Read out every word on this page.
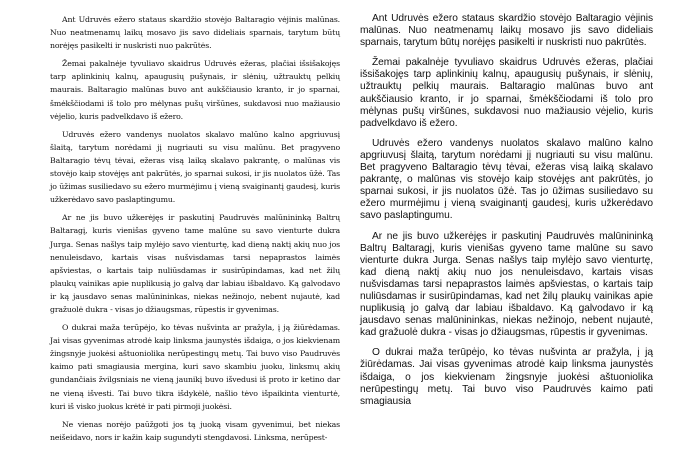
Ant Udruvės ežero stataus skardžio stovėjo Baltaragio vėjinis malūnas. Nuo neatmenamų laikų mosavo jis savo dideliais sparnais, tarytum būtų norėjęs pasikelti ir nuskristi nuo pakrūtės.

Žemai pakalnėje tyvuliavo skaidrus Udruvės ežeras, plačiai išsišakojęs tarp aplinkinių kalnų, apaugusių pušynais, ir slėnių, užtrauktų pelkių maurais. Baltaragio malūnas buvo ant aukščiausio kranto, ir jo sparnai, šmėkščiodami iš tolo pro mėlynas pušų viršūnes, sukdavosi nuo mažiausio vėjelio, kuris padvelkdavo iš ežero.

Udruvės ežero vandenys nuolatos skalavo malūno kalno apgriuvusį šlaitą, tarytum norėdami jį nugriauti su visu malūnu. Bet pragyveno Baltaragio tėvų tėvai, ežeras visą laiką skalavo pakrantę, o malūnas vis stovėjo kaip stovėjęs ant pakrūtės, jo sparnai sukosi, ir jis nuolatos ūžė. Tas jo ūžimas susiliedavo su ežero murmėjimu į vieną svaiginantį gaudesį, kuris užkerėdavo savo paslaptingumu.

Ar ne jis buvo užkerėjęs ir paskutinį Paudruvės malūnininką Baltrų Baltaragį, kuris vienišas gyveno tame malūne su savo vienturte dukra Jurga. Senas našlys taip mylėjo savo vienturtę, kad dieną naktį akių nuo jos nenuleisdavo, kartais visas nušvisdamas tarsi nepaprastos laimės apšviestas, o kartais taip nuliūsdamas ir susirūpindamas, kad net žilų plaukų vainikas apie nuplikusią jo galvą dar labiau išbaldavo. Ką galvodavo ir ką jausdavo senas malūnininkas, niekas nežinojo, nebent nujautė, kad gražuolė dukra - visas jo džiaugsmas, rūpestis ir gyvenimas.

O dukrai maža terūpėjo, ko tėvas nušvinta ar pražyla, į ją žiūrėdamas. Jai visas gyvenimas atrodė kaip linksma jaunystės išdaiga, o jos kiekvienam žingsnyje juokėsi aštuoniolika nerūpestingų metų. Tai buvo viso Paudruvės kaimo pati smagiausia mergina, kuri savo skambiu juoku, linksmų akių gundančiais žvilgsniais ne vieną jaunikį buvo išvedusi iš proto ir ketino dar ne vieną išvesti. Tai buvo tikra išdykėlė, našlio tėvo išpaikinta vienturtė, kuri iš visko juokus krėtė ir pati pirmoji juokėsi.

Ne vienas norėjo paūžgoti jos tą juoką visam gyvenimui, bet niekas neišeidavo, nors ir kažin kaip sugundyti stengdavosi. Linksma, nerūpest-

Ant Udruvės ežero statаus skardžio stovėjo Baltaragio vėjinis malūnas. Nuo neatmenamų laikų mosavo jis savo dideliais sparnais, tarytum būtų norėjęs pasikelti ir nuskristi nuo pakrūtės.

Žemai pakalnėje tyvuliavo skaidrus Udruvės ežeras, plačiai išsišakojęs tarp aplinkinių kalnų, apaugusių pušynais, ir slėnių, užtrauktų pelkių maurais. Baltaragio malūnas buvo ant aukščiausio kranto, ir jo sparnai, šmėkščiodami iš tolo pro mėlynas pušų viršūnes, sukdavosi nuo mažiausio vėjelio, kuris padvelkdavo iš ežero.

Udruvės ežero vandenys nuolatos skalavo malūno kalno apgriuvusį šlaitą, tarytum norėdami jį nugriauti su visu malūnu. Bet pragyveno Baltaragio tėvų tėvai, ežeras visą laiką skalavo pakrantę, o malūnas vis stovėjo kaip stovėjęs ant pakrūtės, jo sparnai sukosi, ir jis nuolatos ūžė. Tas jo ūžimas susiliedavo su ežero murmėjimu į vieną svaiginantį gaudesį, kuris užkerėdavo savo paslaptingumu.

Ar ne jis buvo užkerėjęs ir paskutinį Paudruvės malūnininką Baltrų Baltaragį, kuris vienišas gyveno tame malūne su savo vienturte dukra Jurga. Senas našlys taip mylėjo savo vienturtę, kad dieną naktį akių nuo jos nenuleisdavo, kartais visas nušvisdamas tarsi nepaprastos laimės apšviestas, o kartais taip nuliūsdamas ir susirūpindamas, kad net žilų plaukų vainikas apie nuplikusią jo galvą dar labiau išbaldavo. Ką galvodavo ir ką jausdavo senas malūnininkas, niekas nežinojo, nebent nujautė, kad gražuolė dukra - visas jo džiaugsmas, rūpestis ir gyvenimas.

O dukrai maža terūpėjo, ko tėvas nušvinta ar pražyla, į ją žiūrėdamas. Jai visas gyvenimas atrodė kaip linksma jaunystės išdaiga, o jos kiekvienam žingsnyje juokėsi aštuoniolika nerūpestingų metų. Tai buvo viso Paudruvės kaimo pati smagiausia
